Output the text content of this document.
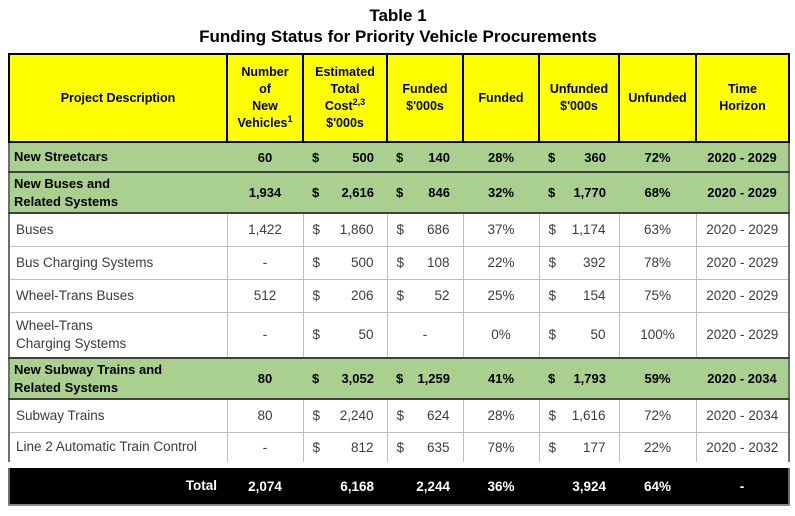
Table 1
Funding Status for Priority Vehicle Procurements
Project Description

Number
of
New
Vehicles$^1$

Estimated
Total
Cost$^{2,3}$
$'000s

Funded
$'000s

Funded

Unfunded
$'000s

Unfunded

Time
Horizon

New Streetcars	60	$ 500	$ 140	28%	$ 360	72%	2020 - 2029

New Buses and
Related Systems
	1,934	$ 2,616	$ 846	32%	$ 1,770	68%	2020 - 2029

Buses	1,422	$ 1,860	$ 686	37%	$ 1,174	63%	2020 - 2029

Bus Charging Systems	-	$ 500	$ 108	22%	$ 392	78%	2020 - 2029

Wheel-Trans Buses	512	$ 206	$ 52	25%	$ 154	75%	2020 - 2029

Wheel-Trans
Charging Systems
	-	$	50	-	0%	$	50	100%	2020 - 2029

New Subway Trains and
Related Systems
	80	$ 3,052	$ 1,259	41%	$ 1,793	59%	2020 - 2034

Subway Trains	80	$ 2,240	$ 624	28%	$ 1,616	72%	2020 - 2034

Line 2 Automatic Train Control	-	$ 812	$ 635	78%	$ 177	22%	2020 - 2032

Total	2,074	6,168	2,244	36%	3,924	64%	-
